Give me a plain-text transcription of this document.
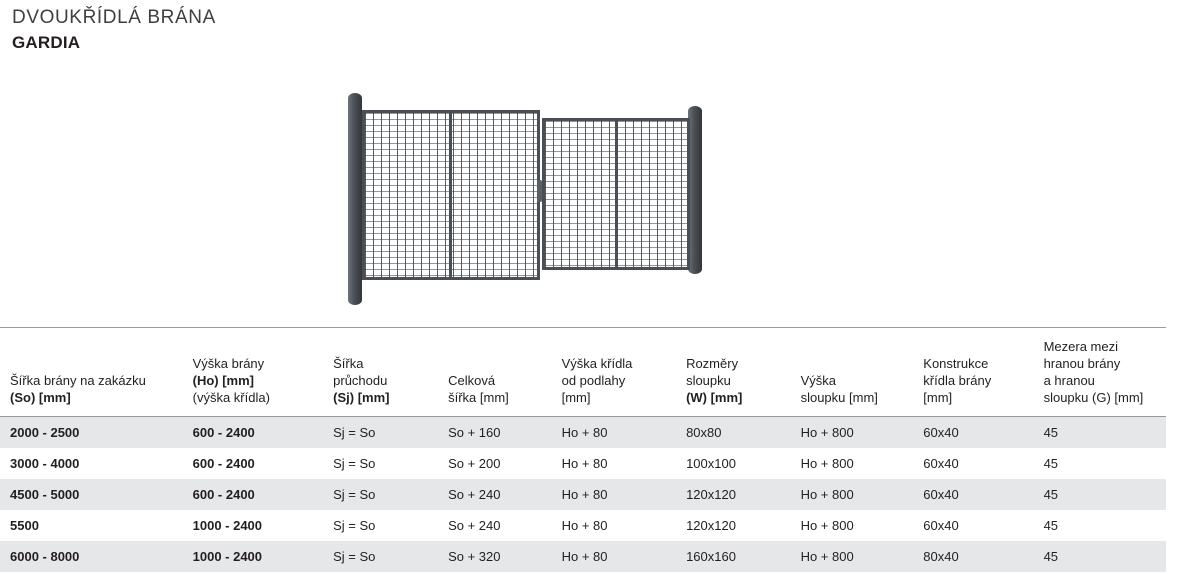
DVOUKŘÍDLÁ BRÁNA
GARDIA
Šířka brány na zakázku
(So) [mm]	Výška brány
(Ho) [mm]
(výška křídla)	Šířka
průchodu
(Sj) [mm]	Celková
šířka [mm]	Výška křídla
od podlahy
[mm]	Rozměry
sloupku
(W) [mm]	Výška
sloupku [mm]	Konstrukce
křídla brány
[mm]	Mezera mezi
hranou brány
a hranou
sloupku (G) [mm]
2000 - 2500	600 - 2400	Sj = So	So + 160	Ho + 80	80x80	Ho + 800	60x40	45
3000 - 4000	600 - 2400	Sj = So	So + 200	Ho + 80	100x100	Ho + 800	60x40	45
4500 - 5000	600 - 2400	Sj = So	So + 240	Ho + 80	120x120	Ho + 800	60x40	45
5500	1000 - 2400	Sj = So	So + 240	Ho + 80	120x120	Ho + 800	60x40	45
6000 - 8000	1000 - 2400	Sj = So	So + 320	Ho + 80	160x160	Ho + 800	80x40	45
